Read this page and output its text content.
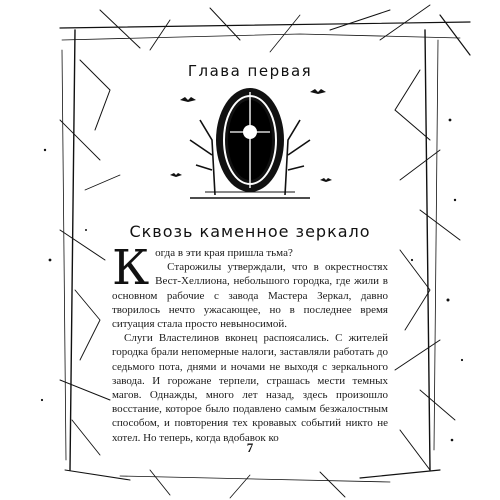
Глава первая
Сквозь каменное зеркало

Когда в эти края пришла тьма?

Старожилы утверждали, что в окрестностях Вест-Хеллиона, небольшого городка, где жили в основном рабочие с завода Мастера Зеркал, давно творилось нечто ужасающее, но в последнее время ситуация стала просто невыносимой.

Слуги Властелинов вконец распоясались. С жителей городка брали непомерные налоги, заставляли работать до седьмого пота, днями и ночами не выходя с зеркального завода. И горожане терпели, страшась мести темных магов. Однажды, много лет назад, здесь произошло восстание, которое было подавлено самым безжалостным способом, и повторения тех кровавых событий никто не хотел. Но теперь, когда вдобавок ко

7
